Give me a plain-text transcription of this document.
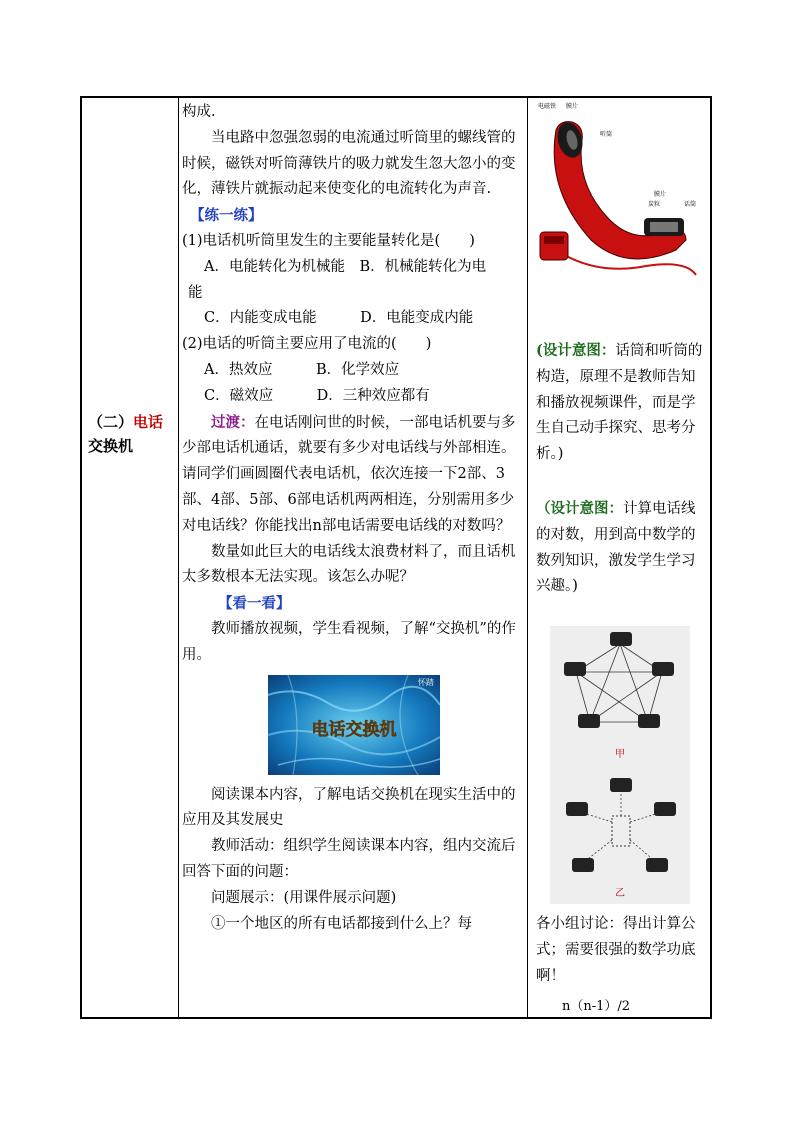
（二）电话
交换机

构成.

当电路中忽强忽弱的电流通过听筒里的螺线管的时候，磁铁对听筒薄铁片的吸力就发生忽大忽小的变化，薄铁片就振动起来使变化的电流转化为声音.

【练一练】

(1)电话机听筒里发生的主要能量转化是(　　)

A．电能转化为机械能　B．机械能转化为电

能

C．内能变成电能　　　D．电能变成内能

(2)电话的听筒主要应用了电流的(　　)

A．热效应　　　B．化学效应

C．磁效应　　　D．三种效应都有

过渡：在电话刚问世的时候，一部电话机要与多少部电话机通话，就要有多少对电话线与外部相连。请同学们画圆圈代表电话机，依次连接一下2部、3部、4部、5部、6部电话机两两相连，分别需用多少对电话线？你能找出n部电话需要电话线的对数吗？

数量如此巨大的电话线太浪费材料了，而且话机太多数根本无法实现。该怎么办呢？

【看一看】

教师播放视频，学生看视频，了解“交换机”的作用。

电话交换机
怀踏

阅读课本内容，了解电话交换机在现实生活中的应用及其发展史

教师活动：组织学生阅读课本内容，组内交流后回答下面的问题：

问题展示：(用课件展示问题)

①一个地区的所有电话都接到什么上？每

电磁铁 膜片
听筒
膜片
炭粒	话筒
(设计意图：话筒和听筒的构造，原理不是教师告知和播放视频课件，而是学生自己动手探究、思考分析。)
（设计意图：计算电话线的对数，用到高中数学的数列知识，激发学生学习兴趣。)
甲
乙
各小组讨论：得出计算公式；需要很强的数学功底啊！
n（n-1）/2
